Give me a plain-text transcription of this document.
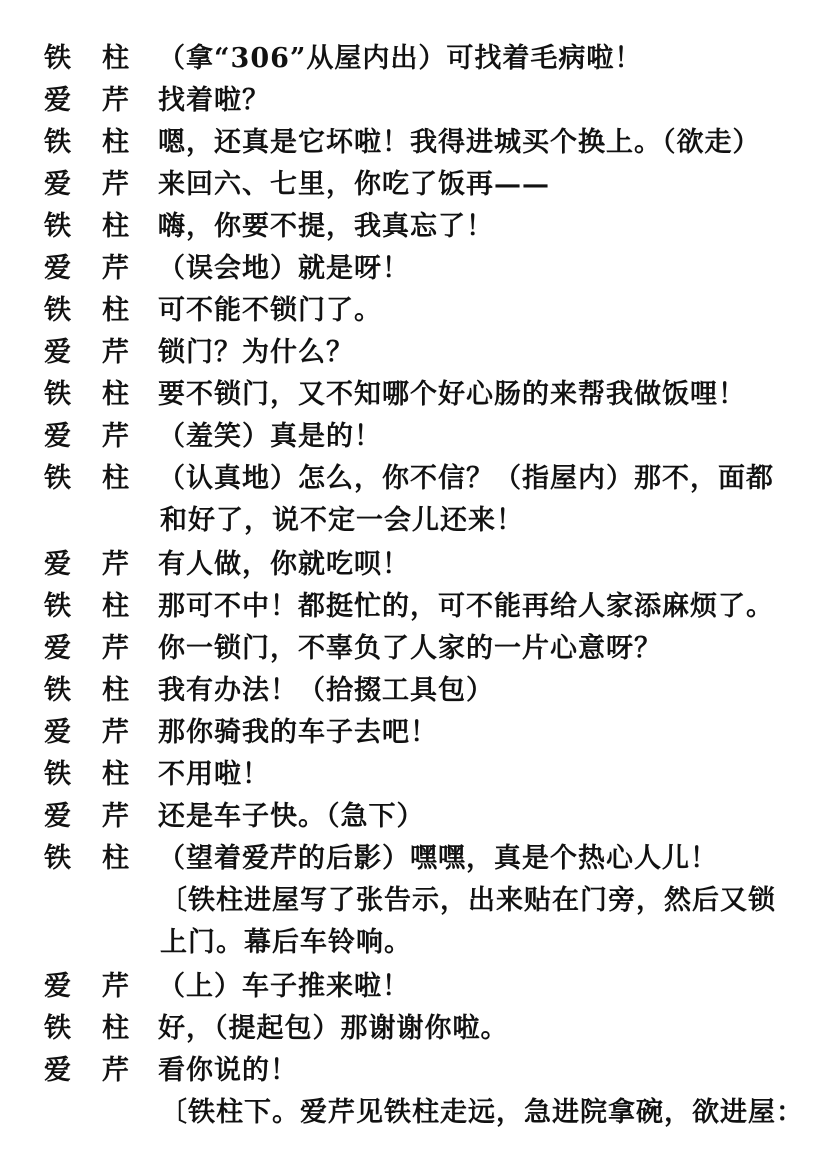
铁 柱 （拿“306”从屋内出）可找着毛病啦！
爱 芹 找着啦？
铁 柱 嗯，还真是它坏啦！我得进城买个换上。（欲走）
爱 芹 来回六、七里，你吃了饭再——
铁 柱 嗨，你要不提，我真忘了！
爱 芹 （误会地）就是呀！
铁 柱 可不能不锁门了。
爱 芹 锁门？为什么？
铁 柱 要不锁门，又不知哪个好心肠的来帮我做饭哩！
爱 芹 （羞笑）真是的！
铁 柱 （认真地）怎么，你不信？（指屋内）那不，面都
和好了，说不定一会儿还来！
爱 芹 有人做，你就吃呗！
铁 柱 那可不中！都挺忙的，可不能再给人家添麻烦了。
爱 芹 你一锁门，不辜负了人家的一片心意呀？
铁 柱 我有办法！（拾掇工具包）
爱 芹 那你骑我的车子去吧！
铁 柱 不用啦！
爱 芹 还是车子快。（急下）
铁 柱 （望着爱芹的后影）嘿嘿，真是个热心人儿！
〔铁柱进屋写了张告示，出来贴在门旁，然后又锁
上门。幕后车铃响。
爱 芹 （上）车子推来啦！
铁 柱 好，（提起包）那谢谢你啦。
爱 芹 看你说的！
〔铁柱下。爱芹见铁柱走远，急进院拿碗，欲进屋：
